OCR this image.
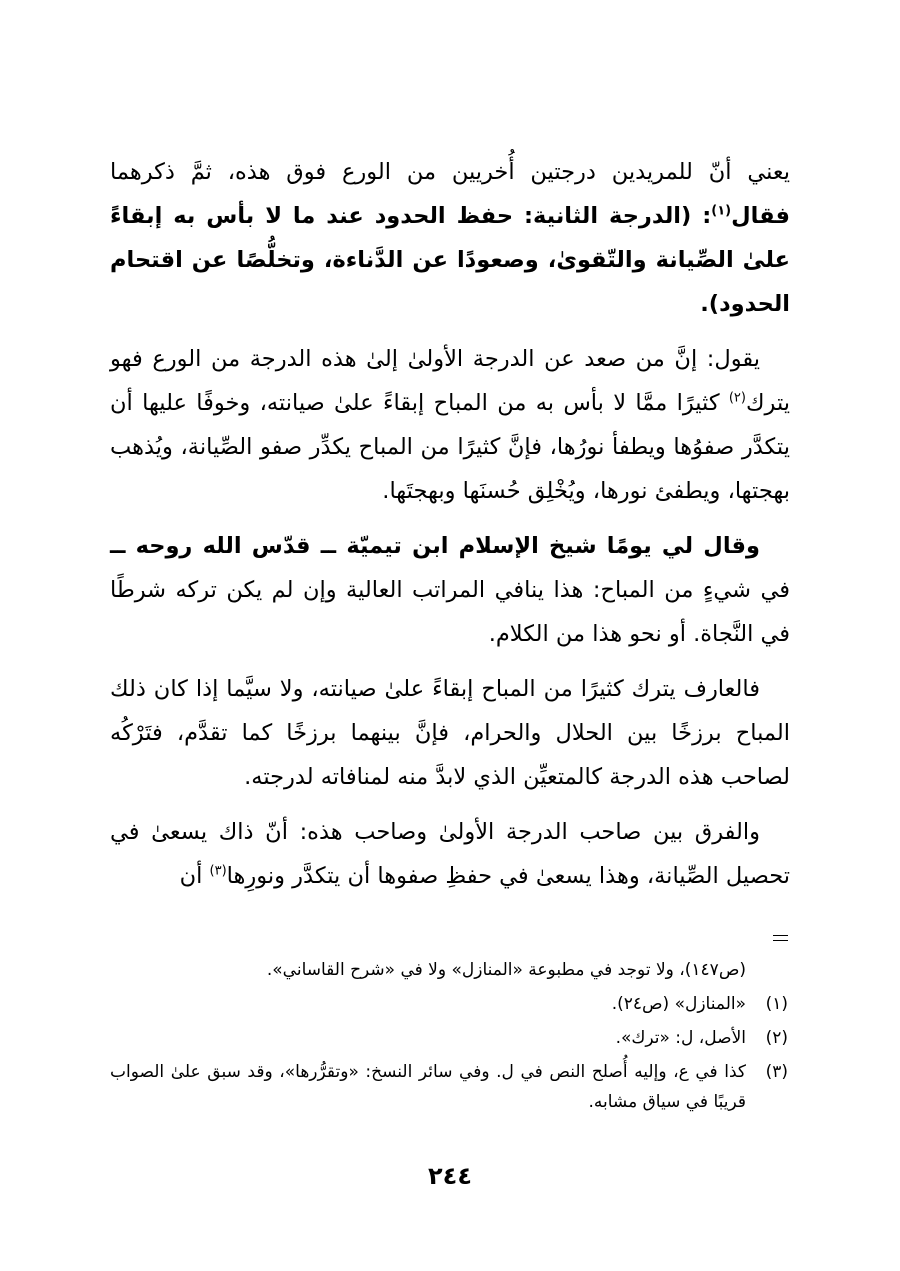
يعني أنّ للمريدين درجتين أُخريين من الورع فوق هذه، ثمَّ ذكرهما فقال$^{(١)}$: (الدرجة الثانية: حفظ الحدود عند ما لا بأس به إبقاءً علىٰ الصِّيانة والتّقوىٰ، وصعودًا عن الدَّناءة، وتخلُّصًا عن اقتحام الحدود).

يقول: إنَّ من صعد عن الدرجة الأولىٰ إلىٰ هذه الدرجة من الورع فهو يترك$^{(٢)}$ كثيرًا ممَّا لا بأس به من المباح إبقاءً علىٰ صيانته، وخوفًا عليها أن يتكدَّر صفوُها ويطفأ نورُها، فإنَّ كثيرًا من المباح يكدِّر صفو الصِّيانة، ويُذهب بهجتها، ويطفئ نورها، ويُخْلِق حُسنَها وبهجتَها.

وقال لي يومًا شيخ الإسلام ابن تيميّة ــ قدّس الله روحه ــ في شيءٍ من المباح: هذا ينافي المراتب العالية وإن لم يكن تركه شرطًا في النَّجاة. أو نحو هذا من الكلام.

فالعارف يترك كثيرًا من المباح إبقاءً علىٰ صيانته، ولا سيَّما إذا كان ذلك المباح برزخًا بين الحلال والحرام، فإنَّ بينهما برزخًا كما تقدَّم، فتَرْكُه لصاحب هذه الدرجة كالمتعيِّن الذي لابدَّ منه لمنافاته لدرجته.

والفرق بين صاحب الدرجة الأولىٰ وصاحب هذه: أنّ ذاك يسعىٰ في تحصيل الصِّيانة، وهذا يسعىٰ في حفظِ صفوها أن يتكدَّر ونورِها$^{(٣)}$ أن

(ص١٤٧)، ولا توجد في مطبوعة «المنازل» ولا في «شرح القاساني».
(١)
«المنازل» (ص٢٤).
(٢)
الأصل، ل: «ترك».
(٣)
كذا في ع، وإليه أُصلح النص في ل. وفي سائر النسخ: «وتقرُّرها»، وقد سبق علىٰ الصواب قريبًا في سياق مشابه.
٢٤٤
